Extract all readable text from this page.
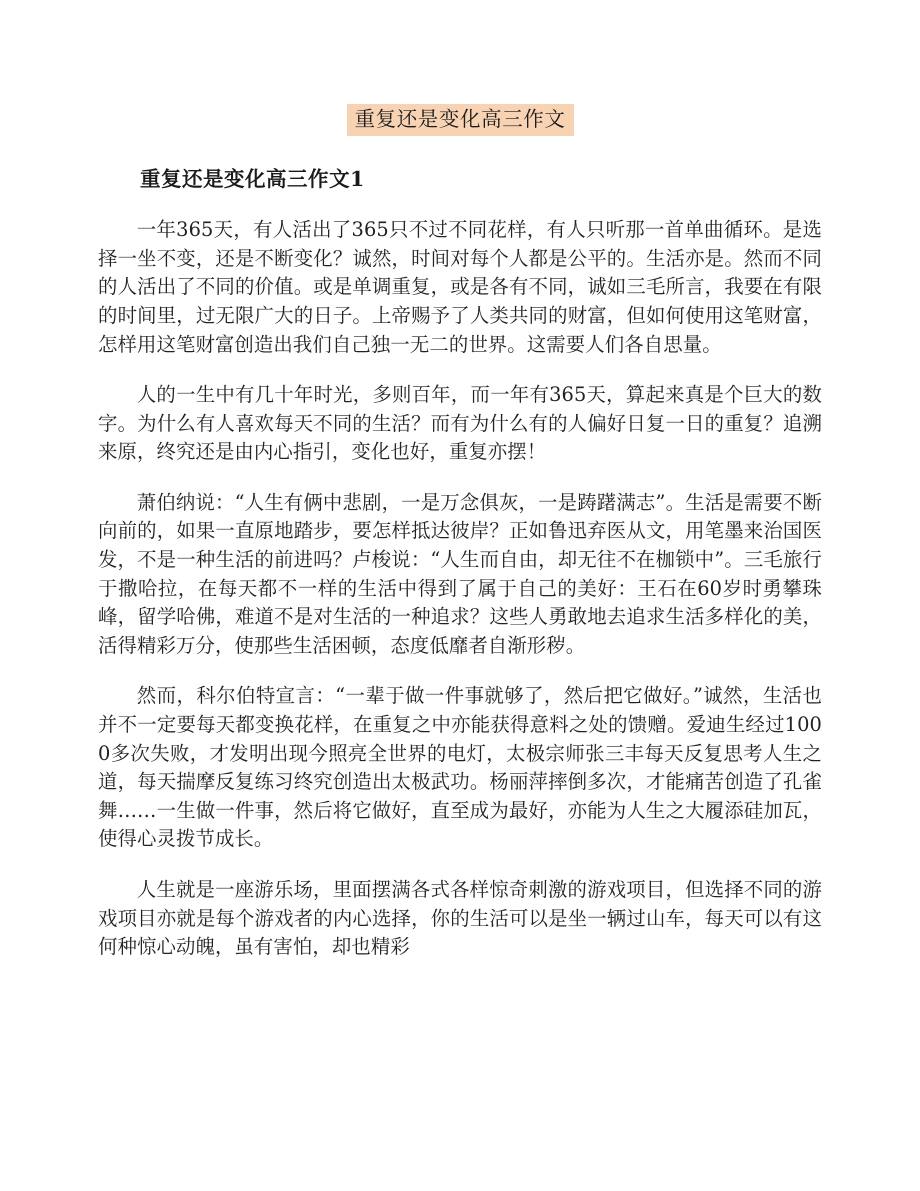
重复还是变化高三作文
重复还是变化高三作文1

一年365天，有人活出了365只不过不同花样，有人只听那一首单曲循环。是选择一坐不变，还是不断变化？诚然，时间对每个人都是公平的。生活亦是。然而不同的人活出了不同的价值。或是单调重复，或是各有不同，诚如三毛所言，我要在有限的时间里，过无限广大的日子。上帝赐予了人类共同的财富，但如何使用这笔财富，怎样用这笔财富创造出我们自己独一无二的世界。这需要人们各自思量。

人的一生中有几十年时光，多则百年，而一年有365天，算起来真是个巨大的数字。为什么有人喜欢每天不同的生活？而有为什么有的人偏好日复一日的重复？追溯来原，终究还是由内心指引，变化也好，重复亦摆！

萧伯纳说：“人生有俩中悲剧，一是万念俱灰，一是踌躇满志”。生活是需要不断向前的，如果一直原地踏步，要怎样抵达彼岸？正如鲁迅弃医从文，用笔墨来治国医发，不是一种生活的前进吗？卢梭说：“人生而自由，却无往不在枷锁中”。三毛旅行于撒哈拉，在每天都不一样的生活中得到了属于自己的美好：王石在60岁时勇攀珠峰，留学哈佛，难道不是对生活的一种追求？这些人勇敢地去追求生活多样化的美，活得精彩万分，使那些生活困顿，态度低靡者自渐形秽。

然而，科尔伯特宣言：“一辈于做一件事就够了，然后把它做好。”诚然，生活也并不一定要每天都变换花样，在重复之中亦能获得意料之处的馈赠。爱迪生经过1000多次失败，才发明出现今照亮全世界的电灯，太极宗师张三丰每天反复思考人生之道，每天揣摩反复练习终究创造出太极武功。杨丽萍摔倒多次，才能痛苦创造了孔雀舞……一生做一件事，然后将它做好，直至成为最好，亦能为人生之大履添硅加瓦，使得心灵拨节成长。

人生就是一座游乐场，里面摆满各式各样惊奇刺激的游戏项目，但选择不同的游戏项目亦就是每个游戏者的内心选择，你的生活可以是坐一辆过山车，每天可以有这何种惊心动魄，虽有害怕，却也精彩
